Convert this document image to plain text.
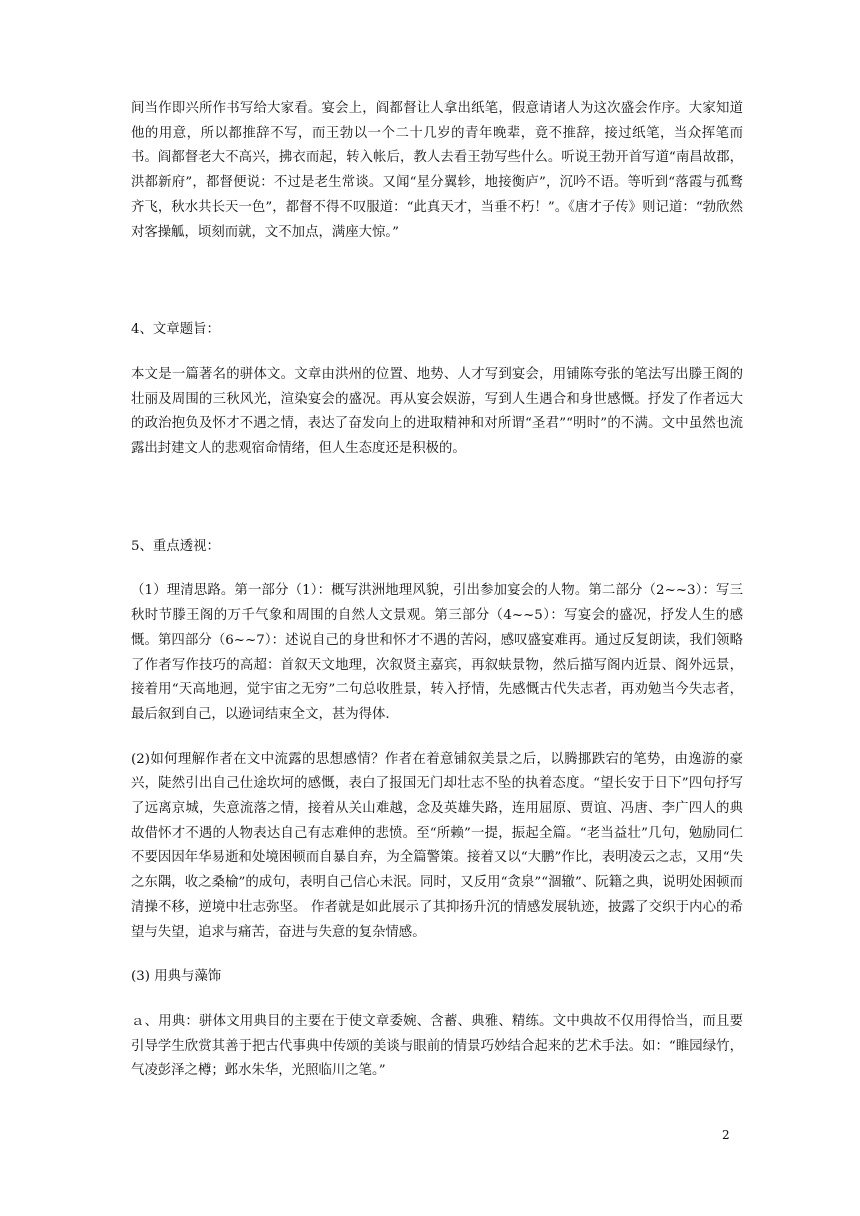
间当作即兴所作书写给大家看。宴会上，阎都督让人拿出纸笔，假意请诸人为这次盛会作序。大家知道他的用意，所以都推辞不写，而王勃以一个二十几岁的青年晚辈，竟不推辞，接过纸笔，当众挥笔而书。阎都督老大不高兴，拂衣而起，转入帐后，教人去看王勃写些什么。听说王勃开首写道“南昌故郡，洪都新府”，都督便说：不过是老生常谈。又闻“星分翼轸，地接衡庐”，沉吟不语。等听到“落霞与孤鹜齐飞，秋水共长天一色”，都督不得不叹服道：“此真天才，当垂不朽！”。《唐才子传》则记道：“勃欣然对客操觚，顷刻而就，文不加点，满座大惊。”

4、文章题旨：

本文是一篇著名的骈体文。文章由洪州的位置、地势、人才写到宴会，用铺陈夸张的笔法写出滕王阁的壮丽及周围的三秋风光，渲染宴会的盛况。再从宴会娱游，写到人生遇合和身世感慨。抒发了作者远大的政治抱负及怀才不遇之情，表达了奋发向上的进取精神和对所谓“圣君”“明时”的不满。文中虽然也流露出封建文人的悲观宿命情绪，但人生态度还是积极的。

5、重点透视：

（1）理清思路。第一部分（1）：概写洪洲地理风貌，引出参加宴会的人物。第二部分（2~~3）：写三秋时节滕王阁的万千气象和周围的自然人文景观。第三部分（4~~5）：写宴会的盛况，抒发人生的感慨。第四部分（6~~7）：述说自己的身世和怀才不遇的苦闷，感叹盛宴难再。通过反复朗读，我们领略了作者写作技巧的高超：首叙天文地理，次叙贤主嘉宾，再叙蚨景物，然后描写阁内近景、阁外远景，接着用“天高地迥，觉宇宙之无穷”二句总收胜景，转入抒情，先感慨古代失志者，再劝勉当今失志者，最后叙到自己，以逊词结束全文，甚为得体.

(2)如何理解作者在文中流露的思想感情？作者在着意铺叙美景之后，以腾挪跌宕的笔势，由逸游的豪兴，陡然引出自己仕途坎坷的感慨，表白了报国无门却壮志不坠的执着态度。“望长安于日下”四句抒写了远离京城，失意流落之情，接着从关山难越，念及英雄失路，连用屈原、贾谊、冯唐、李广四人的典故借怀才不遇的人物表达自己有志难伸的悲愤。至“所赖”一提，振起全篇。“老当益壮”几句，勉励同仁不要因因年华易逝和处境困顿而自暴自弃，为全篇警策。接着又以“大鹏”作比，表明凌云之志，又用“失之东隅，收之桑榆”的成句，表明自己信心未泯。同时，又反用“贪泉”“涸辙”、阮籍之典，说明处困顿而清操不移，逆境中壮志弥坚。 作者就是如此展示了其抑扬升沉的情感发展轨迹，披露了交织于内心的希望与失望，追求与痛苦，奋进与失意的复杂情感。

(3) 用典与藻饰

ａ、用典：骈体文用典目的主要在于使文章委婉、含蓄、典雅、精练。文中典故不仅用得恰当，而且要引导学生欣赏其善于把古代事典中传颂的美谈与眼前的情景巧妙结合起来的艺术手法。如：“睢园绿竹，气凌彭泽之樽；邺水朱华，光照临川之笔。”

2
